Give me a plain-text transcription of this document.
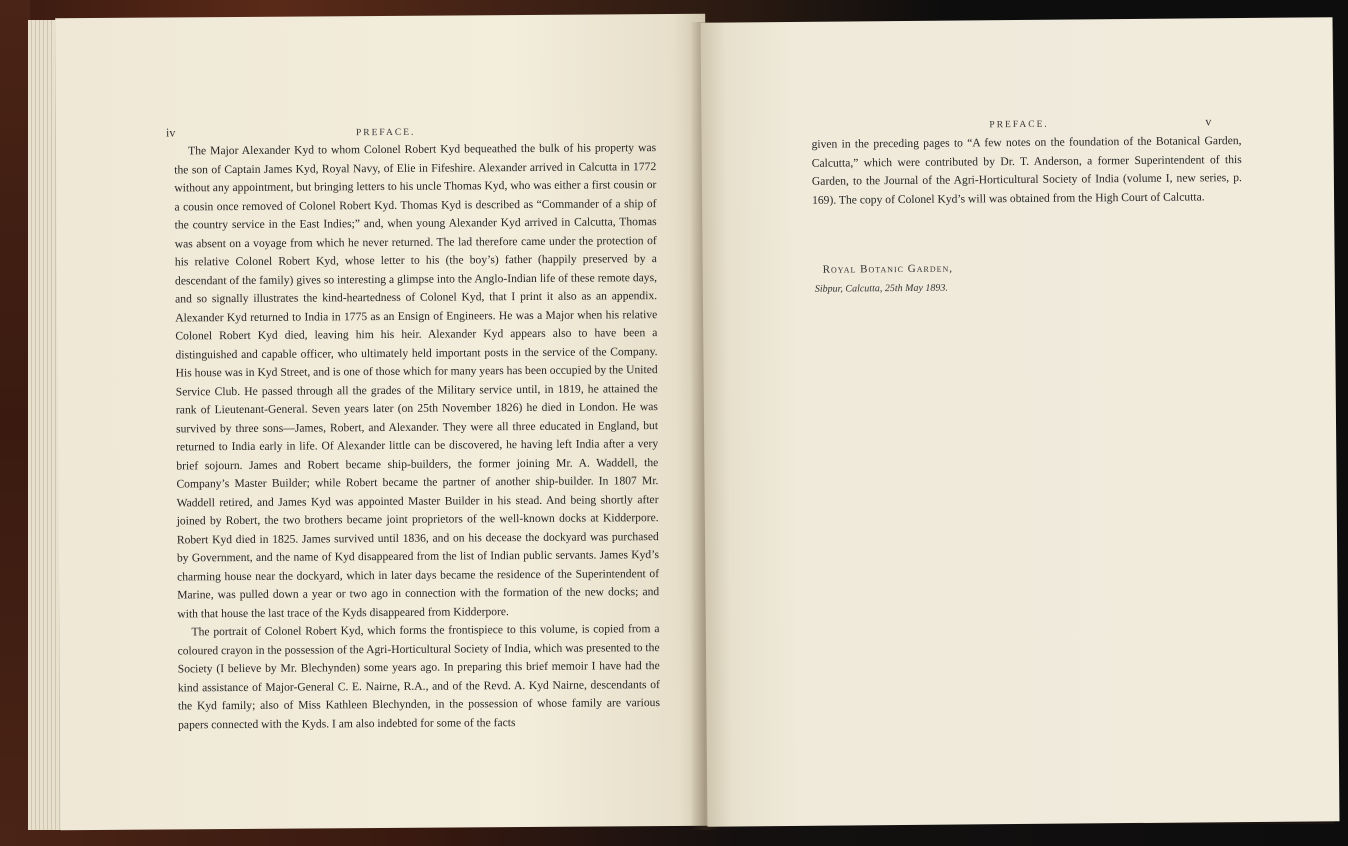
iv	PREFACE.

The Major Alexander Kyd to whom Colonel Robert Kyd bequeathed the bulk of his property was the son of Captain James Kyd, Royal Navy, of Elie in Fifeshire. Alexander arrived in Calcutta in 1772 without any appointment, but bringing letters to his uncle Thomas Kyd, who was either a first cousin or a cousin once removed of Colonel Robert Kyd. Thomas Kyd is described as “Commander of a ship of the country service in the East Indies;” and, when young Alexander Kyd arrived in Calcutta, Thomas was absent on a voyage from which he never returned. The lad therefore came under the protection of his relative Colonel Robert Kyd, whose letter to his (the boy’s) father (happily preserved by a descendant of the family) gives so interesting a glimpse into the Anglo-Indian life of these remote days, and so signally illustrates the kind-heartedness of Colonel Kyd, that I print it also as an appendix. Alexander Kyd returned to India in 1775 as an Ensign of Engineers. He was a Major when his relative Colonel Robert Kyd died, leaving him his heir. Alexander Kyd appears also to have been a distinguished and capable officer, who ultimately held important posts in the service of the Company. His house was in Kyd Street, and is one of those which for many years has been occupied by the United Service Club. He passed through all the grades of the Military service until, in 1819, he attained the rank of Lieutenant-General. Seven years later (on 25th November 1826) he died in London. He was survived by three sons—James, Robert, and Alexander. They were all three educated in England, but returned to India early in life. Of Alexander little can be discovered, he having left India after a very brief sojourn. James and Robert became ship-builders, the former joining Mr. A. Waddell, the Company’s Master Builder; while Robert became the partner of another ship-builder. In 1807 Mr. Waddell retired, and James Kyd was appointed Master Builder in his stead. And being shortly after joined by Robert, the two brothers became joint proprietors of the well-known docks at Kidderpore. Robert Kyd died in 1825. James survived until 1836, and on his decease the dockyard was purchased by Government, and the name of Kyd disappeared from the list of Indian public servants. James Kyd’s charming house near the dockyard, which in later days became the residence of the Superintendent of Marine, was pulled down a year or two ago in connection with the formation of the new docks; and with that house the last trace of the Kyds disappeared from Kidderpore.

The portrait of Colonel Robert Kyd, which forms the frontispiece to this volume, is copied from a coloured crayon in the possession of the Agri-Horticultural Society of India, which was presented to the Society (I believe by Mr. Blechynden) some years ago. In preparing this brief memoir I have had the kind assistance of Major-General C. E. Nairne, R.A., and of the Revd. A. Kyd Nairne, descendants of the Kyd family; also of Miss Kathleen Blechynden, in the possession of whose family are various papers connected with the Kyds. I am also indebted for some of the facts

PREFACE.	v

given in the preceding pages to “A few notes on the foundation of the Botanical Garden, Calcutta,” which were contributed by Dr. T. Anderson, a former Superintendent of this Garden, to the Journal of the Agri-Horticultural Society of India (volume I, new series, p. 169). The copy of Colonel Kyd’s will was obtained from the High Court of Calcutta.

Royal Botanic Garden,
Sibpur, Calcutta, 25th May 1893.
